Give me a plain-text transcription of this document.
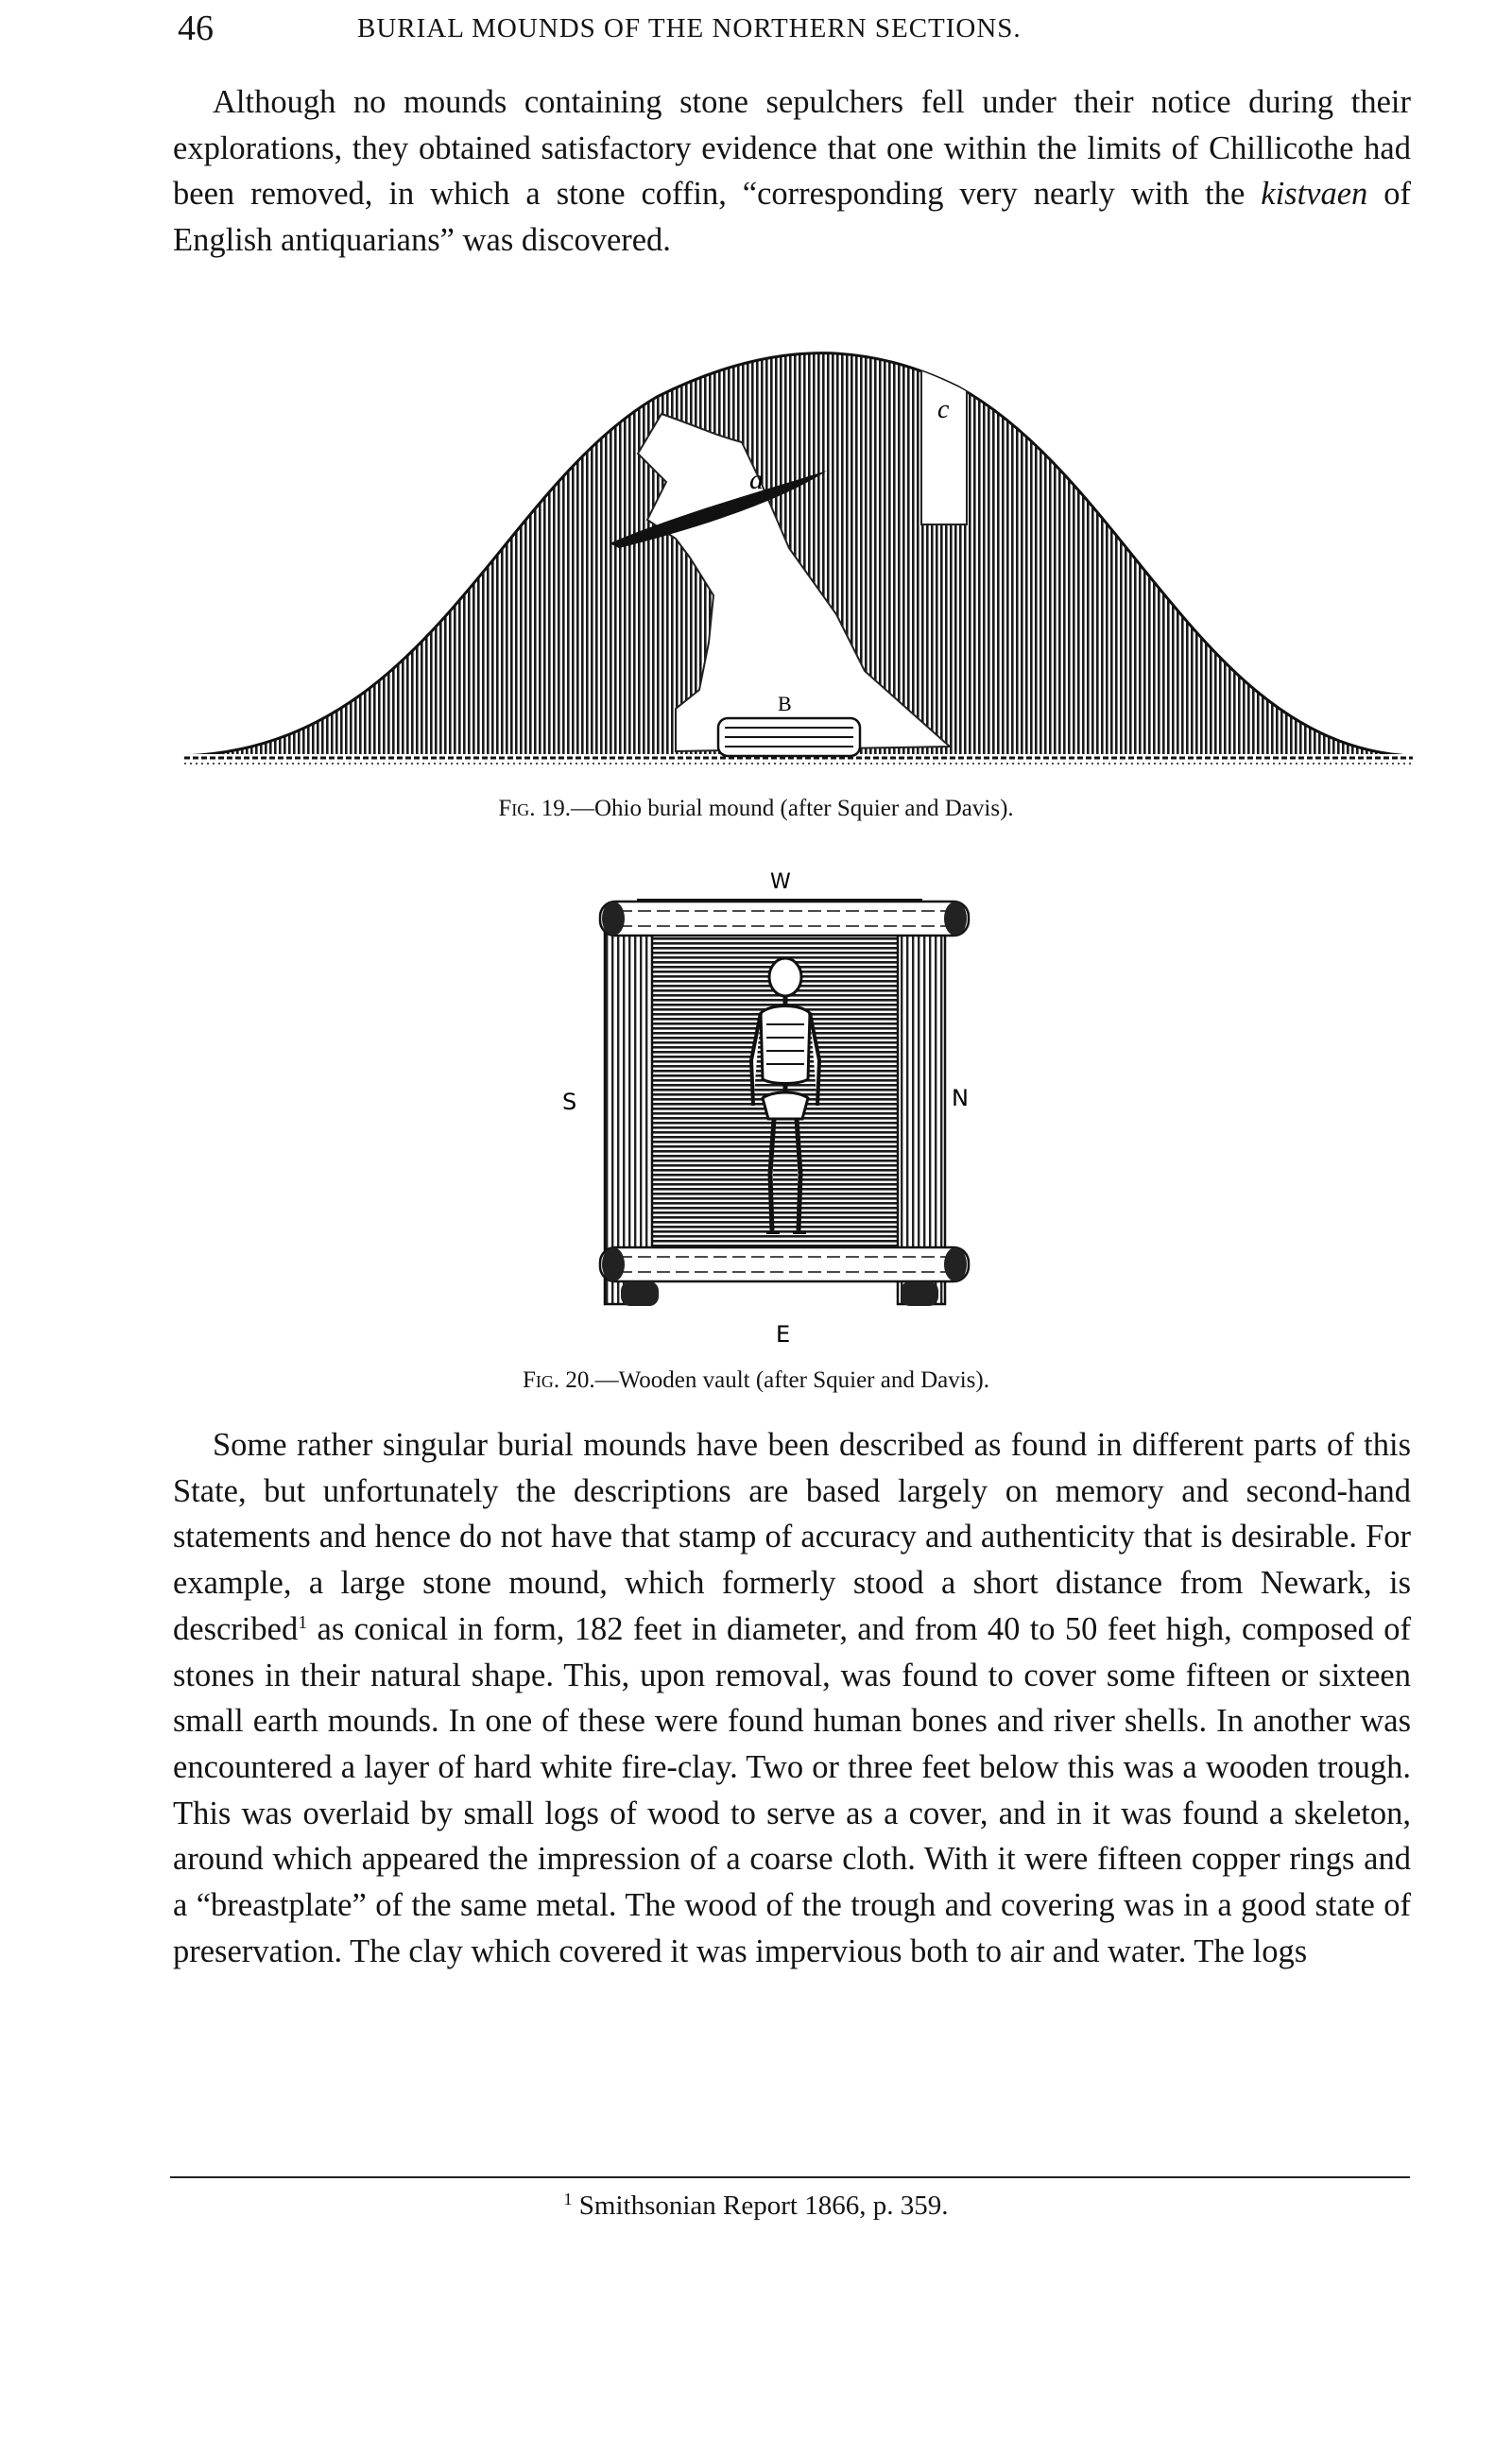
46	BURIAL MOUNDS OF THE NORTHERN SECTIONS.

Although no mounds containing stone sepulchers fell under their notice during their explorations, they obtained satisfactory evidence that one within the limits of Chillicothe had been removed, in which a stone coffin, “corresponding very nearly with the kistvaen of English antiquarians” was discovered.

a
B
c
Fig. 19.—Ohio burial mound (after Squier and Davis).
W
S	N
E
Fig. 20.—Wooden vault (after Squier and Davis).

Some rather singular burial mounds have been described as found in different parts of this State, but unfortunately the descriptions are based largely on memory and second-hand statements and hence do not have that stamp of accuracy and authenticity that is desirable. For example, a large stone mound, which formerly stood a short distance from Newark, is described$^1$ as conical in form, 182 feet in diameter, and from 40 to 50 feet high, composed of stones in their natural shape. This, upon removal, was found to cover some fifteen or sixteen small earth mounds. In one of these were found human bones and river shells. In another was encountered a layer of hard white fire-clay. Two or three feet below this was a wooden trough. This was overlaid by small logs of wood to serve as a cover, and in it was found a skeleton, around which appeared the impression of a coarse cloth. With it were fifteen copper rings and a “breastplate” of the same metal. The wood of the trough and covering was in a good state of preservation. The clay which covered it was impervious both to air and water. The logs

$^1$ Smithsonian Report 1866, p. 359.
